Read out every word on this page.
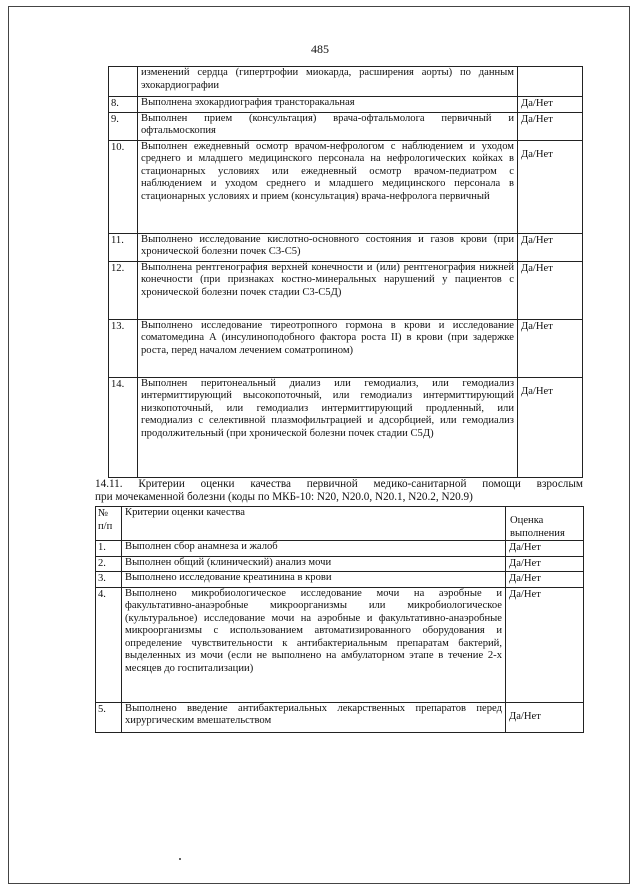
485
	изменений сердца (гипертрофии миокарда, расширения аорты) по данным эхокардиографии	
8.	Выполнена эхокардиография трансторакальная	Да/Нет
9.	Выполнен прием (консультация) врача-офтальмолога первичный и офтальмоскопия	Да/Нет
10.	Выполнен ежедневный осмотр врачом-нефрологом с наблюдением и уходом среднего и младшего медицинского персонала на нефрологических койках в стационарных условиях или ежедневный осмотр врачом-педиатром с наблюдением и уходом среднего и младшего медицинского персонала в стационарных условиях и прием (консультация) врача-нефролога первичный	Да/Нет
11.	Выполнено исследование кислотно-основного состояния и газов крови (при хронической болезни почек С3-С5)	Да/Нет
12.	Выполнена рентгенография верхней конечности и (или) рентгенография нижней конечности (при признаках костно-минеральных нарушений у пациентов с хронической болезни почек стадии С3-С5Д)	Да/Нет
13.	Выполнено исследование тиреотропного гормона в крови и исследование соматомедина А (инсулиноподобного фактора роста II) в крови (при задержке роста, перед началом лечением соматропином)	Да/Нет
14.	Выполнен перитонеальный диализ или гемодиализ, или гемодиализ интермиттирующий высокопоточный, или гемодиализ интермиттирующий низкопоточный, или гемодиализ интермиттирующий продленный, или гемодиализ с селективной плазмофильтрацией и адсорбцией, или гемодиализ продолжительный (при хронической болезни почек стадии С5Д)	Да/Нет
14.11. Критерии оценки качества первичной медико-санитарной помощи взрослым
при мочекаменной болезни (коды по МКБ-10: N20, N20.0, N20.1, N20.2, N20.9)
№ п/п	Критерии оценки качества	Оценка выполнения
1.	Выполнен сбор анамнеза и жалоб	Да/Нет
2.	Выполнен общий (клинический) анализ мочи	Да/Нет
3.	Выполнено исследование креатинина в крови	Да/Нет
4.	Выполнено микробиологическое исследование мочи на аэробные и факультативно-анаэробные микроорганизмы или микробиологическое (культуральное) исследование мочи на аэробные и факультативно-анаэробные микроорганизмы с использованием автоматизированного оборудования и определение чувствительности к антибактериальным препаратам бактерий, выделенных из мочи (если не выполнено на амбулаторном этапе в течение 2-х месяцев до госпитализации)	Да/Нет
5.	Выполнено введение антибактериальных лекарственных препаратов перед хирургическим вмешательством	Да/Нет
